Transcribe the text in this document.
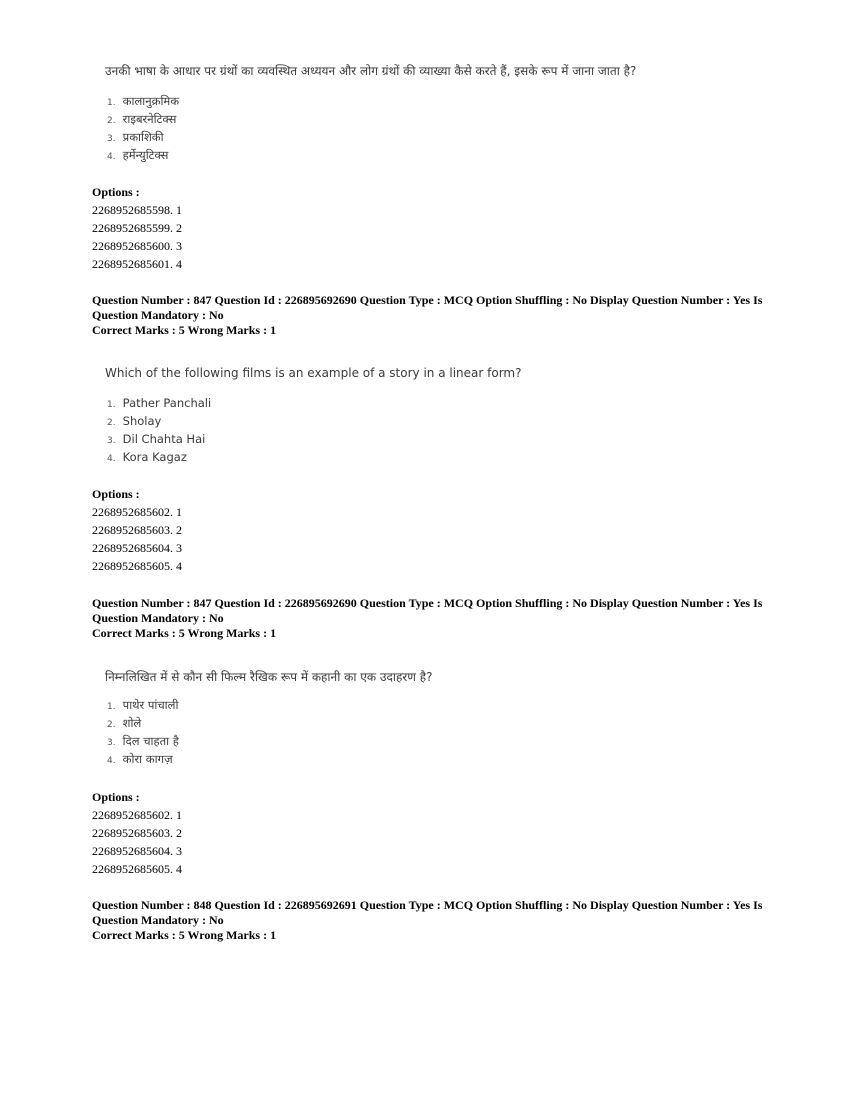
उनकी भाषा के आधार पर ग्रंथों का व्यवस्थित अध्ययन और लोग ग्रंथों की व्याख्या कैसे करते हैं, इसके रूप में जाना जाता है?
1. कालानुक्रमिक
2. राइबरनेटिक्स
3. प्रकाशिकी
4. हर्मेन्युटिक्स
Options :
2268952685598. 1
2268952685599. 2
2268952685600. 3
2268952685601. 4
Question Number : 847 Question Id : 226895692690 Question Type : MCQ Option Shuffling : No Display Question Number : Yes Is
Question Mandatory : No
Correct Marks : 5 Wrong Marks : 1
Which of the following films is an example of a story in a linear form?
1. Pather Panchali
2. Sholay
3. Dil Chahta Hai
4. Kora Kagaz
Options :
2268952685602. 1
2268952685603. 2
2268952685604. 3
2268952685605. 4
Question Number : 847 Question Id : 226895692690 Question Type : MCQ Option Shuffling : No Display Question Number : Yes Is
Question Mandatory : No
Correct Marks : 5 Wrong Marks : 1
निम्नलिखित में से कौन सी फिल्म रैखिक रूप में कहानी का एक उदाहरण है?
1. पाथेर पांचाली
2. शोले
3. दिल चाहता है
4. कोरा कागज़
Options :
2268952685602. 1
2268952685603. 2
2268952685604. 3
2268952685605. 4
Question Number : 848 Question Id : 226895692691 Question Type : MCQ Option Shuffling : No Display Question Number : Yes Is
Question Mandatory : No
Correct Marks : 5 Wrong Marks : 1
